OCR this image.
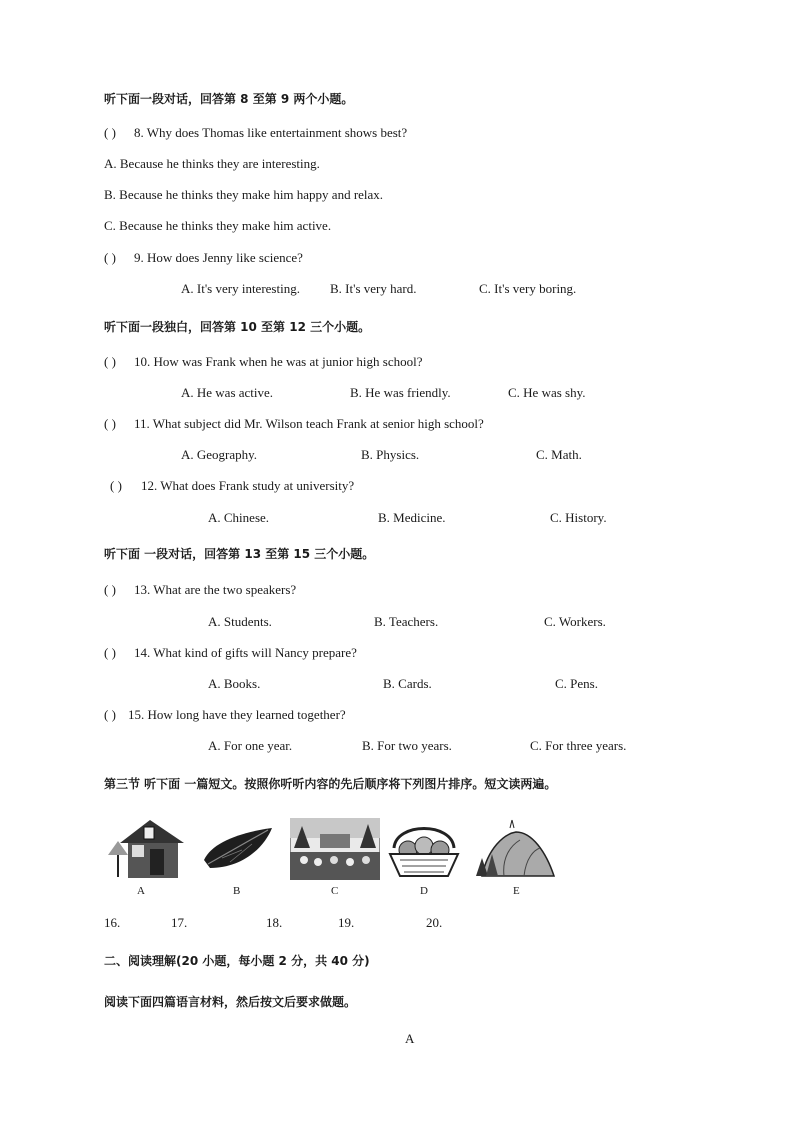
听下面一段对话，回答第 8 至第 9 两个小题。
( ) 8. Why does Thomas like entertainment shows best?
A. Because he thinks they are interesting.
B. Because he thinks they make him happy and relax.
C. Because he thinks they make him active.
( ) 9. How does Jenny like science?
A. It's very interesting. B. It's very hard.	C. It's very boring.
听下面一段独白，回答第 10 至第 12 三个小题。
( ) 10. How was Frank when he was at junior high school?
A. He was active.	B. He was friendly.	C. He was shy.
( ) 11. What subject did Mr. Wilson teach Frank at senior high school?
A. Geography.	B. Physics.	C. Math.
( ) 12. What does Frank study at university?
A. Chinese.	B. Medicine.	C. History.
听下面 一段对话，回答第 13 至第 15 三个小题。
( ) 13. What are the two speakers?
A. Students.	B. Teachers.	C. Workers.
( ) 14. What kind of gifts will Nancy prepare?
A. Books.	B. Cards.	C. Pens.
( ) 15. How long have they learned together?
A. For one year.	B. For two years.	C. For three years.
第三节 听下面 一篇短文。按照你听听内容的先后顺序将下列图片排序。短文读两遍。
A	B	C	D	E
16.	17.	18.	19.	20.
二、阅读理解(20 小题，每小题 2 分，共 40 分)
阅读下面四篇语言材料，然后按文后要求做题。
A
